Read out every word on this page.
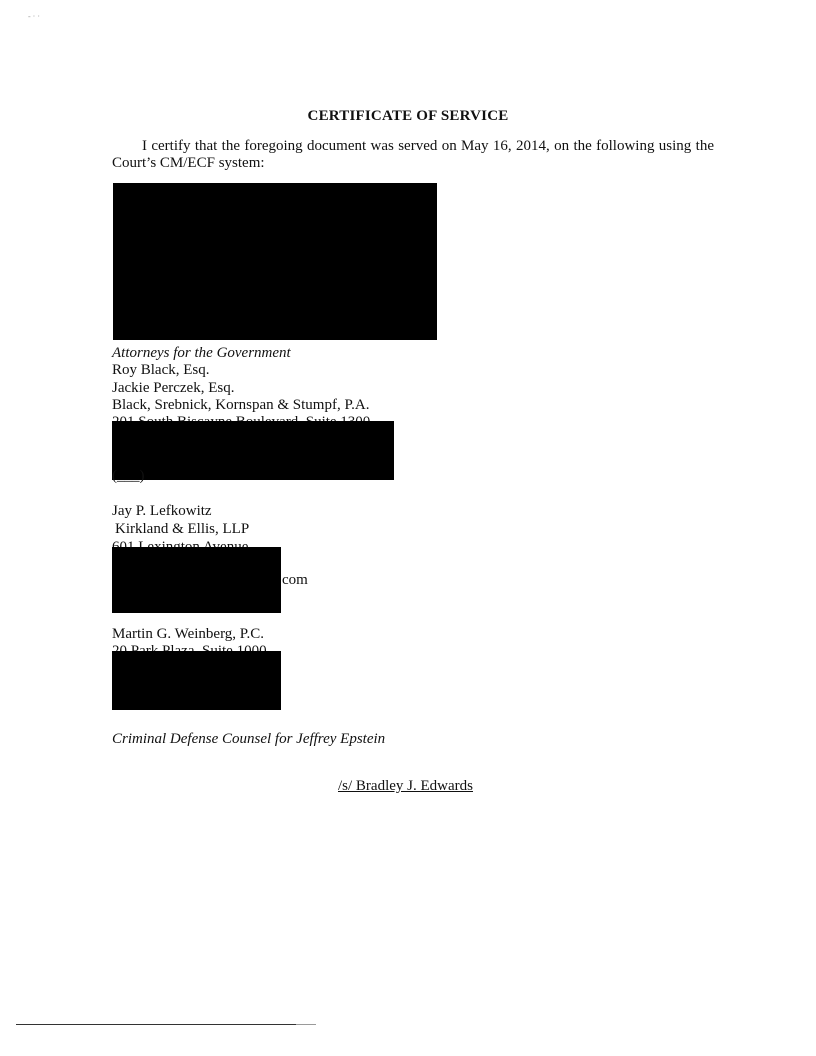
- · ·
CERTIFICATE OF SERVICE
I certify that the foregoing document was served on May 16, 2014, on the following using the Court’s CM/ECF system:
Attorneys for the Government
Roy Black, Esq.
Jackie Perczek, Esq.
Black, Srebnick, Kornspan & Stumpf, P.A.
(___)
Jay P. Lefkowitz
Kirkland & Ellis, LLP
com
Martin G. Weinberg, P.C.
Criminal Defense Counsel for Jeffrey Epstein
/s/ Bradley J. Edwards
